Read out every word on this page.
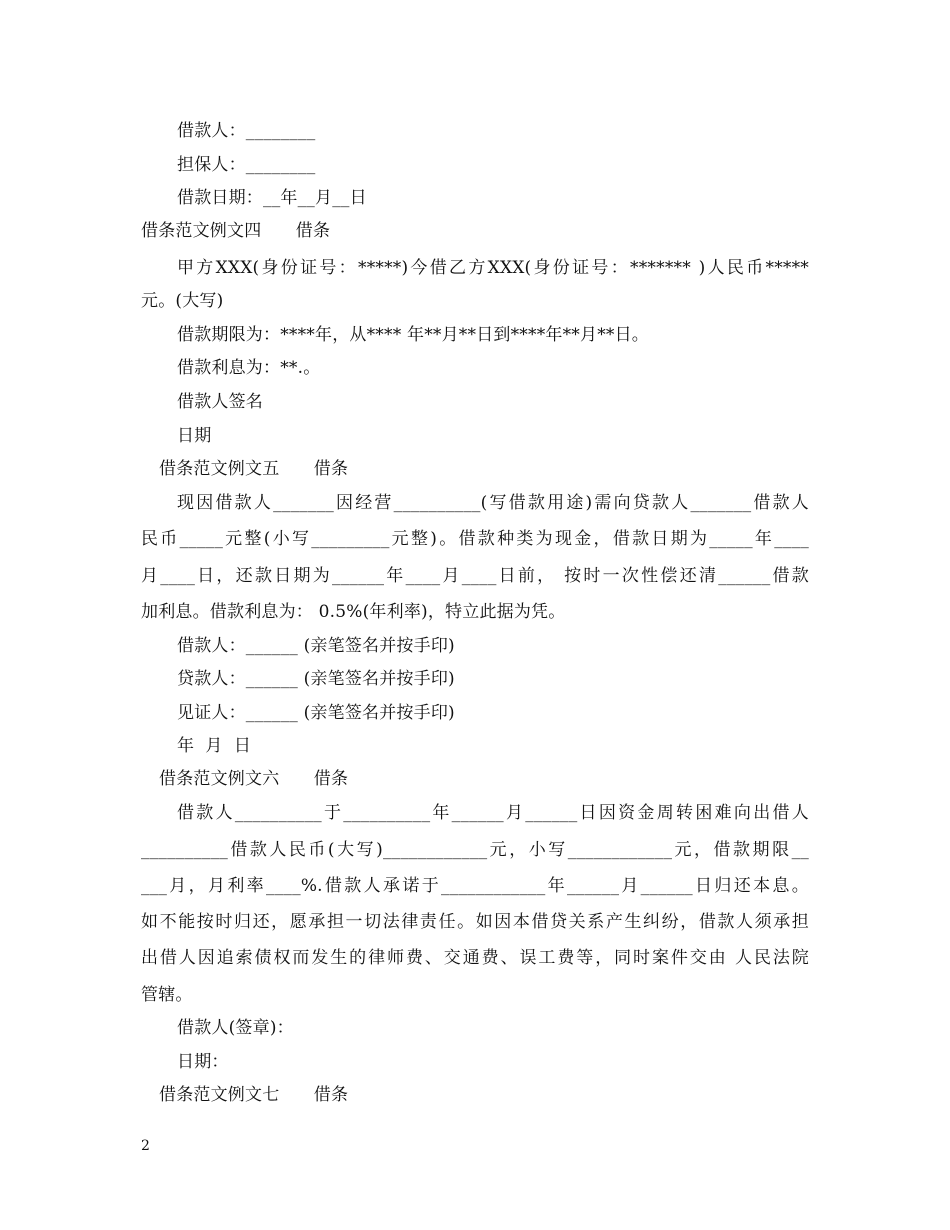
借款人：________
担保人：________
借款日期：__年__月__日
借条范文例文四　　借条
甲方XXX(身份证号：*****)今借乙方XXX(身份证号：******* )人民币*****
元。(大写)
借款期限为：****年，从**** 年**月**日到****年**月**日。
借款利息为：**.。
借款人签名
日期
借条范文例文五　　借条
现因借款人_______因经营__________(写借款用途)需向贷款人_______借款人
民币_____元整(小写_________元整)。借款种类为现金，借款日期为_____年____
月____日，还款日期为______年____月____日前， 按时一次性偿还清______借款
加利息。借款利息为： 0.5%(年利率)，特立此据为凭。
借款人：______ (亲笔签名并按手印)
贷款人：______ (亲笔签名并按手印)
见证人：______ (亲笔签名并按手印)
年  月  日
借条范文例文六　　借条
借款人__________于__________年______月______日因资金周转困难向出借人
__________借款人民币(大写)____________元，小写____________元，借款期限__
___月，月利率____%.借款人承诺于____________年______月______日归还本息。
如不能按时归还，愿承担一切法律责任。如因本借贷关系产生纠纷，借款人须承担
出借人因追索债权而发生的律师费、交通费、误工费等，同时案件交由 人民法院
管辖。
借款人(签章)：
日期：
借条范文例文七　　借条
2
